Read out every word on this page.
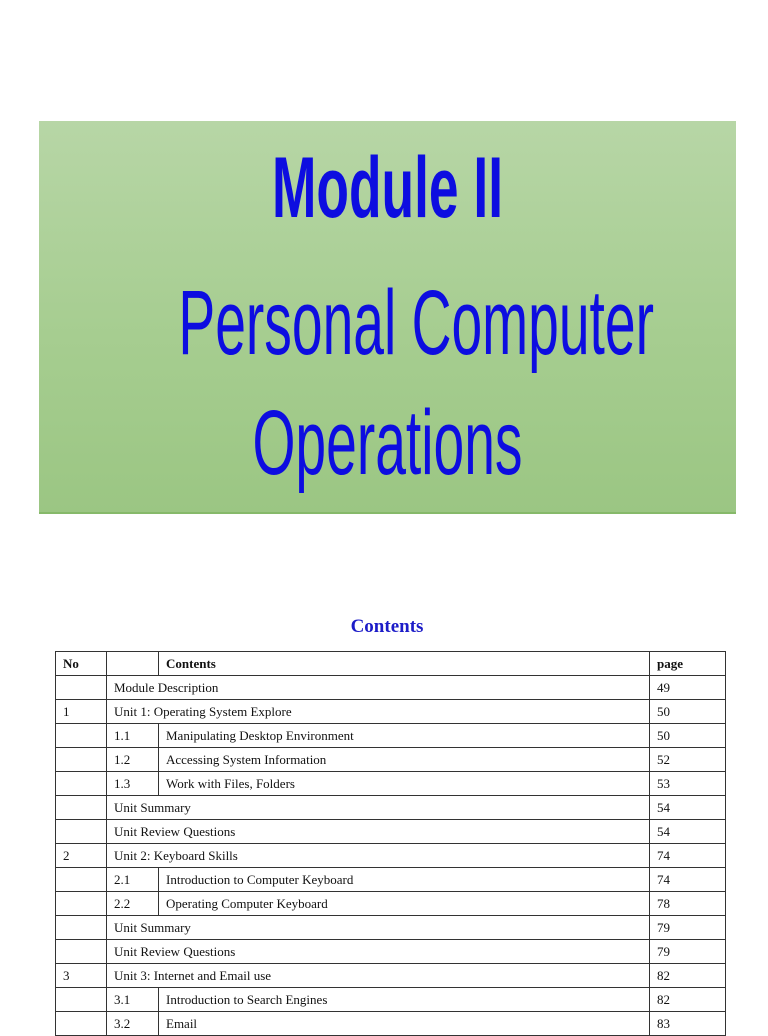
Module II
Personal Computer
Operations
Contents
No		Contents	page
	Module Description		49
1	Unit 1: Operating System Explore		50
	1.1	Manipulating Desktop Environment	50
	1.2	Accessing System Information	52
	1.3	Work with Files, Folders	53
	Unit Summary		54
	Unit Review Questions		54
2	Unit 2: Keyboard Skills		74
	2.1	Introduction to Computer Keyboard	74
	2.2	Operating Computer Keyboard	78
	Unit Summary		79
	Unit Review Questions		79
3	Unit 3: Internet and Email use		82
	3.1	Introduction to Search Engines	82
	3.2	Email	83
